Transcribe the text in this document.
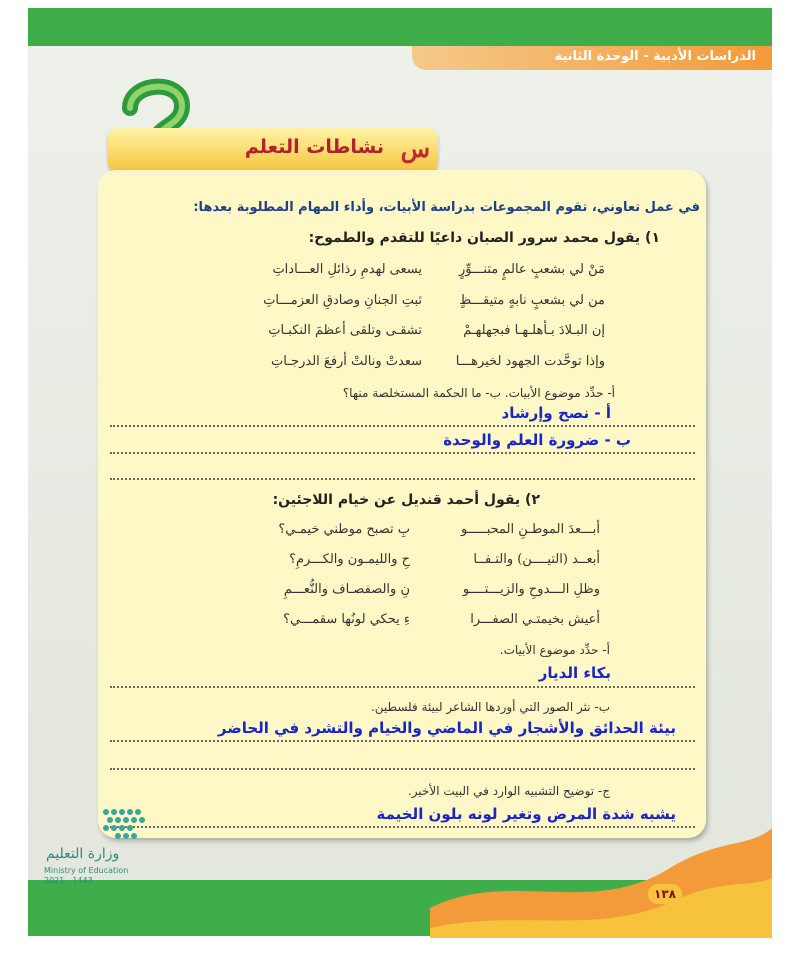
الدراسات الأدبية - الوحدة الثانية
نشاطات التعلم س
في عمل تعاوني، تقوم المجموعات بدراسة الأبيات، وأداء المهام المطلوبة بعدها:
١) يقول محمد سرور الصبان داعيًا للتقدم والطموح:
مَنْ لي بشعبٍ عالمٍ متنـــوِّرٍ
يسعى لهدمِ رذائلِ العـــاداتِ
من لي بشعبٍ نابهٍ متيقـــظٍ
ثبتِ الجنانِ وصادقِ العزمـــاتِ
إن البـلادَ بـأهلـهـا فبجهلهـمْ
تشقـى وتلقى أعظمَ النكبـاتِ
وإذا توحَّدت الجهود لخيرهـــا
سعدتْ ونالتْ أرفعَ الدرجـاتِ
أ- حدِّد موضوع الأبيات. ب- ما الحكمة المستخلصة منها؟
أ - نصح وإرشاد
ب - ضرورة العلم والوحدة
٢) يقول أحمد قنديل عن خيام اللاجئين:
أبـــعدَ الموطـنِ المحبـــــو
بِ تصبح موطني خيمـي؟
أبعــد (التيــــن) والتـفــا
حِ والليمـون والكـــرمِ؟
وظلِ الـــدوحِ والزيـــتــــو
نِ والصفصـاف والنُّعـــمِ
أعيش بخيمتـي الصفـــرا
ءِ يحكي لونُها سقمـــي؟
أ- حدِّد موضوع الأبيات.
بكاء الديار
ب- نثر الصور التي أوردها الشاعر لبيئة فلسطين.
بيئة الحدائق والأشجار في الماضي والخيام والتشرد في الحاضر
ج- توضيح التشبيه الوارد في البيت الأخير.
يشبه شدة المرض وتغير لونه بلون الخيمة
١٣٨
وزارة التعليم
Ministry of Education
2021 - 1443
